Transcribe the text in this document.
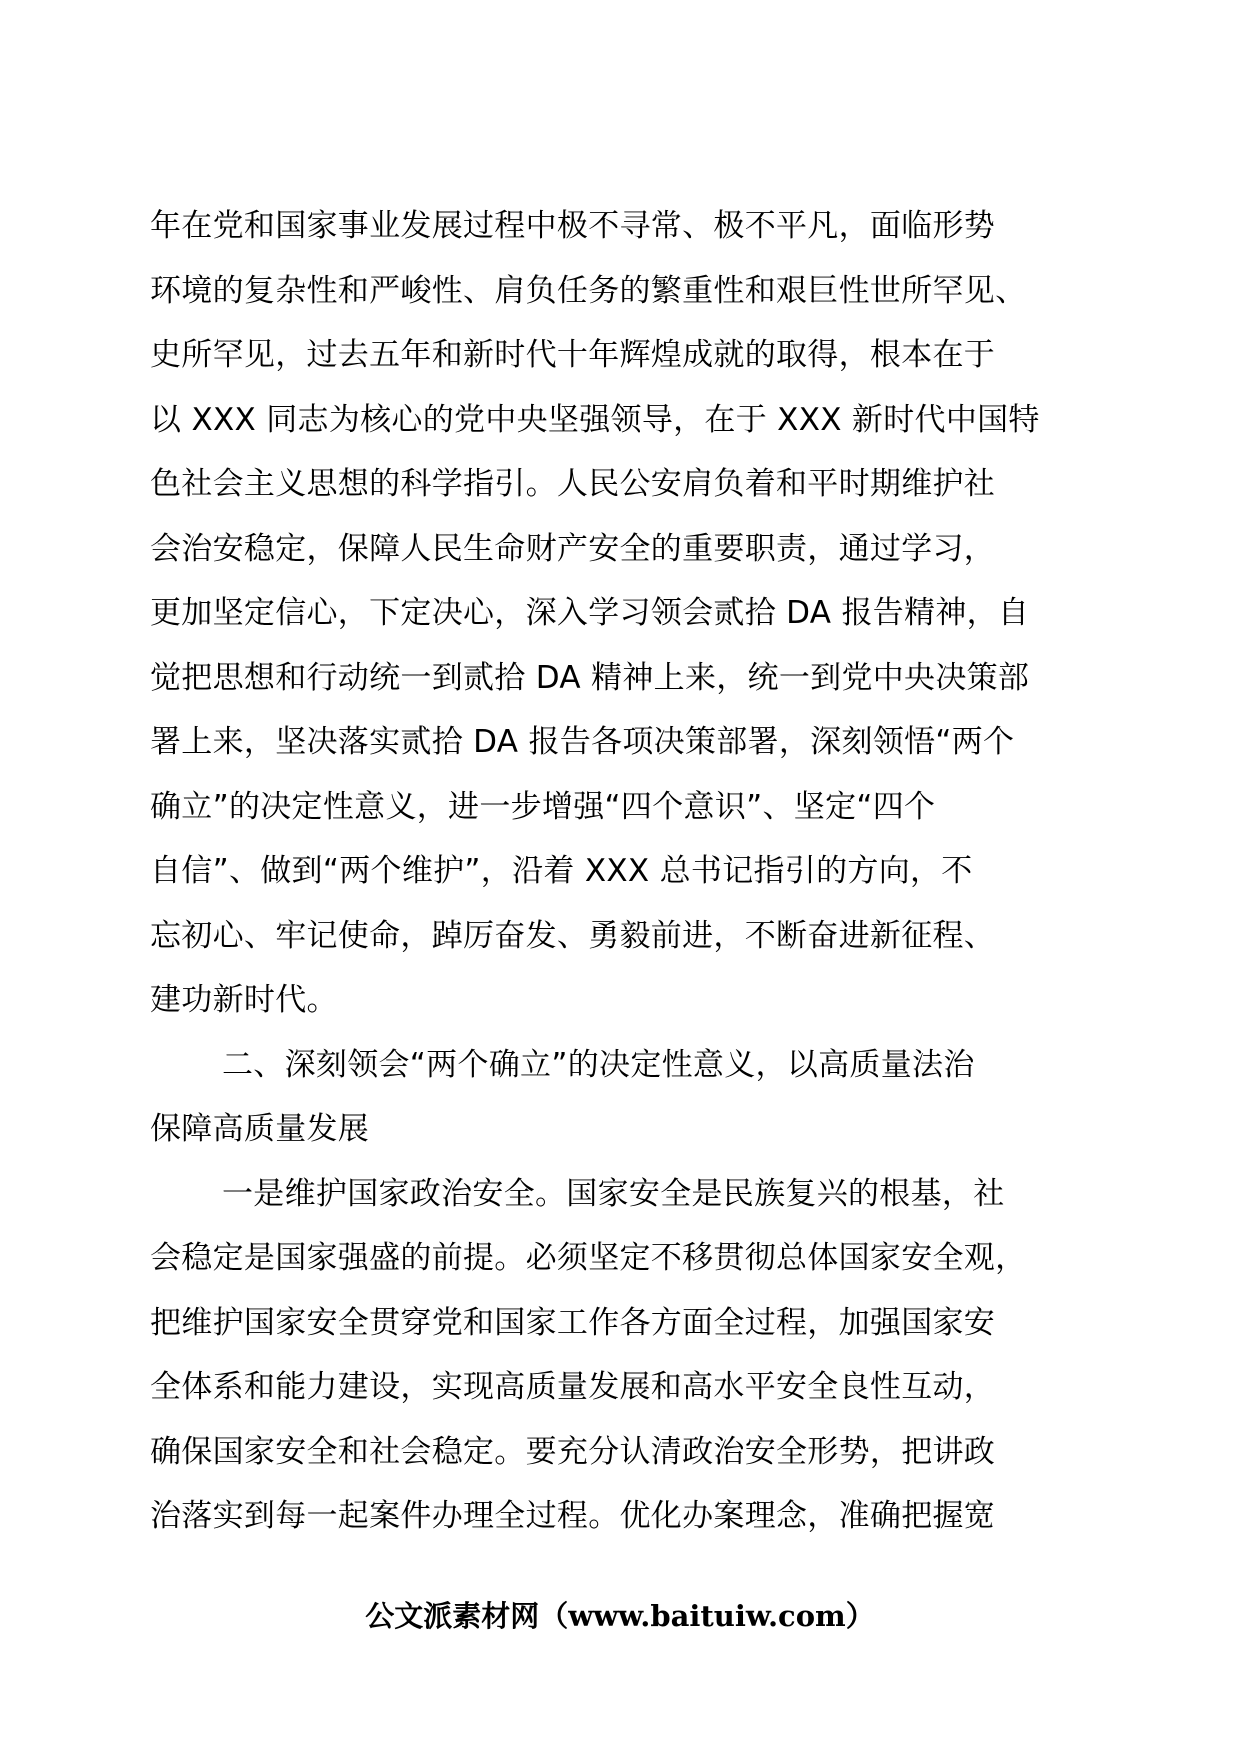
年在党和国家事业发展过程中极不寻常、极不平凡，面临形势
环境的复杂性和严峻性、肩负任务的繁重性和艰巨性世所罕见、
史所罕见，过去五年和新时代十年辉煌成就的取得，根本在于
以 XXX 同志为核心的党中央坚强领导，在于 XXX 新时代中国特
色社会主义思想的科学指引。人民公安肩负着和平时期维护社
会治安稳定，保障人民生命财产安全的重要职责，通过学习，
更加坚定信心，下定决心，深入学习领会贰拾 DA 报告精神，自
觉把思想和行动统一到贰拾 DA 精神上来，统一到党中央决策部
署上来，坚决落实贰拾 DA 报告各项决策部署，深刻领悟“两个
确立”的决定性意义，进一步增强“四个意识”、坚定“四个
自信”、做到“两个维护”，沿着 XXX 总书记指引的方向，不
忘初心、牢记使命，踔厉奋发、勇毅前进，不断奋进新征程、
建功新时代。
二、深刻领会“两个确立”的决定性意义，以高质量法治
保障高质量发展
一是维护国家政治安全。国家安全是民族复兴的根基，社
会稳定是国家强盛的前提。必须坚定不移贯彻总体国家安全观，
把维护国家安全贯穿党和国家工作各方面全过程，加强国家安
全体系和能力建设，实现高质量发展和高水平安全良性互动，
确保国家安全和社会稳定。要充分认清政治安全形势，把讲政
治落实到每一起案件办理全过程。优化办案理念，准确把握宽
公文派素材网（www.baituiw.com）
